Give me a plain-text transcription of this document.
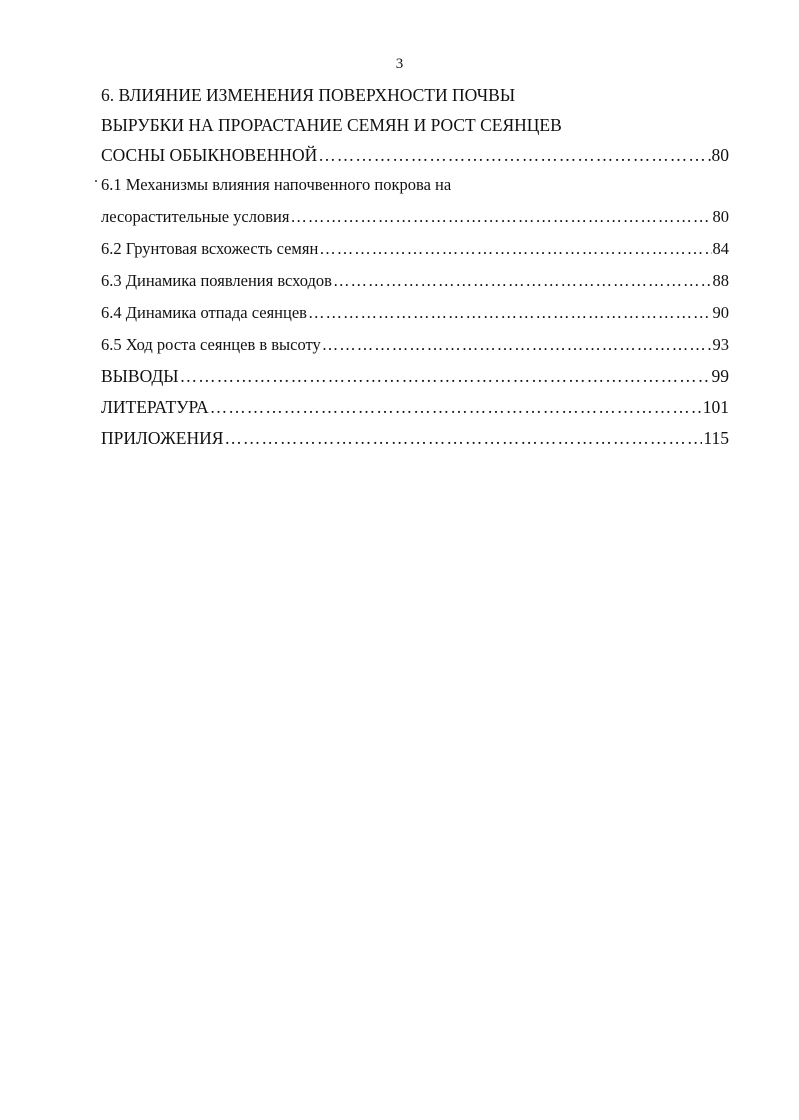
3
6. ВЛИЯНИЕ ИЗМЕНЕНИЯ ПОВЕРХНОСТИ ПОЧВЫ
ВЫРУБКИ НА ПРОРАСТАНИЕ СЕМЯН И РОСТ СЕЯНЦЕВ
СОСНЫ ОБЫКНОВЕННОЙ ……………………………………………………………………………………………………………………………………………………………………………	80
6.1 Механизмы влияния напочвенного покрова на
лесорастительные условия ……………………………………………………………………………………………………………………………………………………………………………	80
6.2 Грунтовая всхожесть семян ……………………………………………………………………………………………………………………………………………………………………………	84
6.3 Динамика появления всходов ……………………………………………………………………………………………………………………………………………………………………………	88
6.4 Динамика отпада сеянцев ……………………………………………………………………………………………………………………………………………………………………………	90
6.5 Ход роста сеянцев в высоту ……………………………………………………………………………………………………………………………………………………………………………	93
ВЫВОДЫ ……………………………………………………………………………………………………………………………………………………………………………	99
ЛИТЕРАТУРА ……………………………………………………………………………………………………………………………………………………………………………	101
ПРИЛОЖЕНИЯ ……………………………………………………………………………………………………………………………………………………………………………	115
